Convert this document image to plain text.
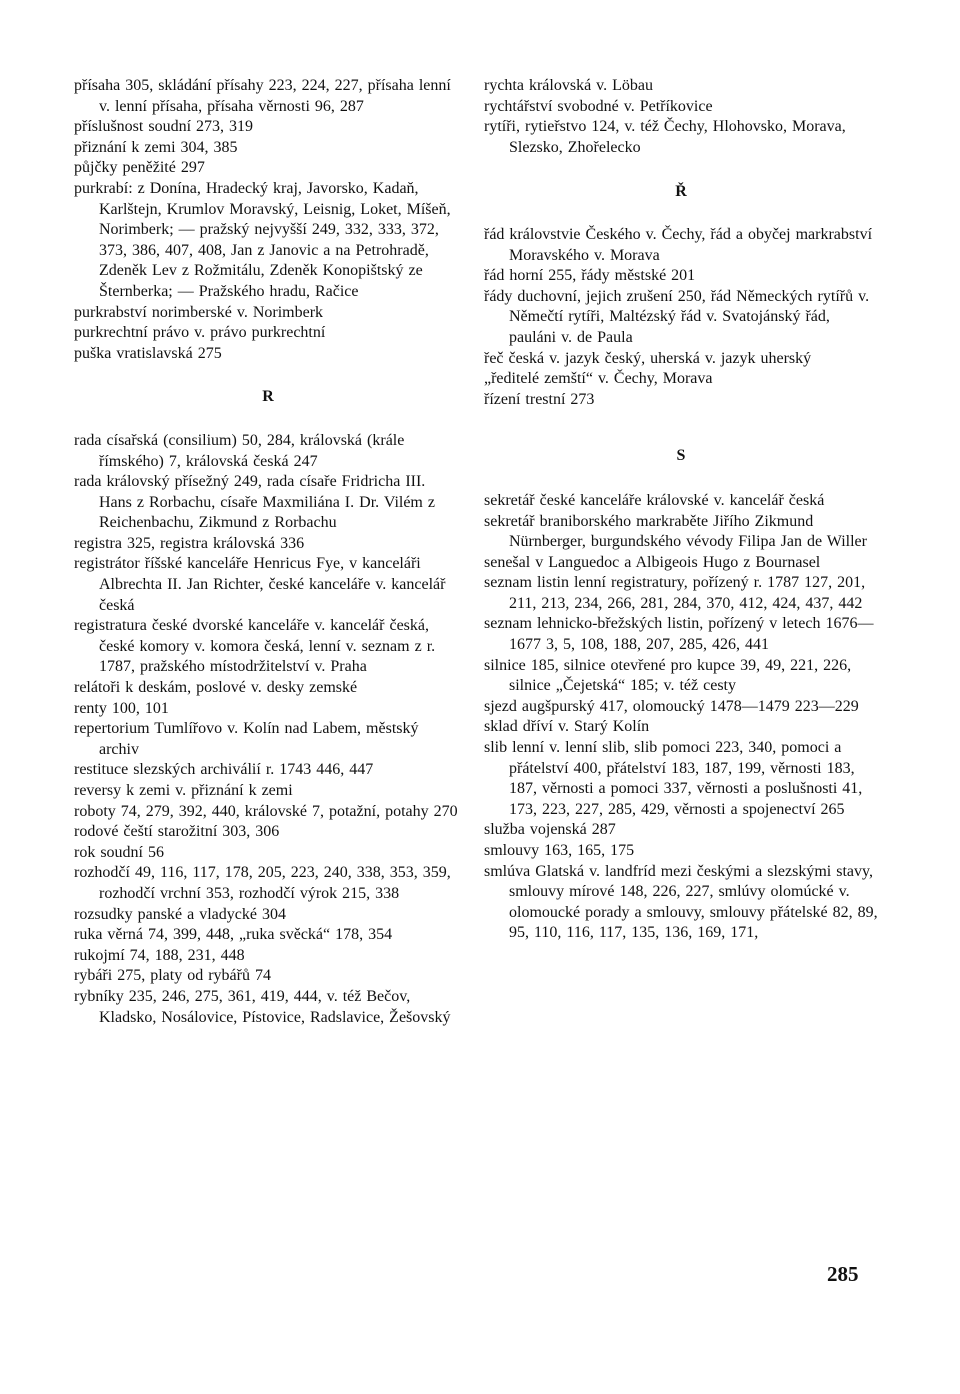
přísaha 305, skládání přísahy 223, 224, 227, přísaha lenní v. lenní přísaha, přísaha věrnosti 96, 287
příslušnost soudní 273, 319
přiznání k zemi 304, 385
půjčky peněžité 297
purkrabí: z Donína, Hradecký kraj, Javorsko, Kadaň, Karlštejn, Krumlov Moravský, Leisnig, Loket, Míšeň, Norimberk; — pražský nejvyšší 249, 332, 333, 372, 373, 386, 407, 408, Jan z Janovic a na Petrohradě, Zdeněk Lev z Rožmitálu, Zdeněk Konopištský ze Šternberka; — Pražského hradu, Račice
purkrabství norimberské v. Norimberk
purkrechtní právo v. právo purkrechtní
puška vratislavská 275
R
rada císařská (consilium) 50, 284, královská (krále římského) 7, královská česká 247
rada královský přísežný 249, rada císaře Fridricha III. Hans z Rorbachu, císaře Maxmiliána I. Dr. Vilém z Reichenbachu, Zikmund z Rorbachu
registra 325, registra královská 336
registrátor říšské kanceláře Henricus Fye, v kanceláři Albrechta II. Jan Richter, české kanceláře v. kancelář česká
registratura české dvorské kanceláře v. kancelář česká, české komory v. komora česká, lenní v. seznam z r. 1787, pražského místodržitelství v. Praha
relátoři k deskám, poslové v. desky zemské
renty 100, 101
repertorium Tumlířovo v. Kolín nad Labem, městský archiv
restituce slezských archiválií r. 1743 446, 447
reversy k zemi v. přiznání k zemi
roboty 74, 279, 392, 440, královské 7, potažní, potahy 270
rodové čeští starožitní 303, 306
rok soudní 56
rozhodčí 49, 116, 117, 178, 205, 223, 240, 338, 353, 359, rozhodčí vrchní 353, rozhodčí výrok 215, 338
rozsudky panské a vladycké 304
ruka věrná 74, 399, 448, „ruka svěcká“ 178, 354
rukojmí 74, 188, 231, 448
rybáři 275, platy od rybářů 74
rybníky 235, 246, 275, 361, 419, 444, v. též Bečov, Kladsko, Nosálovice, Pístovice, Radslavice, Žešovský
rychta královská v. Löbau
rychtářství svobodné v. Petříkovice
rytíři, rytieřstvo 124, v. též Čechy, Hlohovsko, Morava, Slezsko, Zhořelecko
Ř
řád královstvie Českého v. Čechy, řád a obyčej markrabství Moravského v. Morava
řád horní 255, řády městské 201
řády duchovní, jejich zrušení 250, řád Německých rytířů v. Němečtí rytíři, Maltézský řád v. Svatojánský řád, pauláni v. de Paula
řeč česká v. jazyk český, uherská v. jazyk uherský
„ředitelé zemští“ v. Čechy, Morava
řízení trestní 273
S
sekretář české kanceláře královské v. kancelář česká
sekretář braniborského markraběte Jiřího Zikmund Nürnberger, burgundského vévody Filipa Jan de Willer
senešal v Languedoc a Albigeois Hugo z Bournasel
seznam listin lenní registratury, pořízený r. 1787 127, 201, 211, 213, 234, 266, 281, 284, 370, 412, 424, 437, 442
seznam lehnicko-břežských listin, pořízený v letech 1676—1677 3, 5, 108, 188, 207, 285, 426, 441
silnice 185, silnice otevřené pro kupce 39, 49, 221, 226, silnice „Čejetská“ 185; v. též cesty
sjezd augšpurský 417, olomoucký 1478—1479 223—229
sklad dříví v. Starý Kolín
slib lenní v. lenní slib, slib pomoci 223, 340, pomoci a přátelství 400, přátelství 183, 187, 199, věrnosti 183, 187, věrnosti a pomoci 337, věrnosti a poslušnosti 41, 173, 223, 227, 285, 429, věrnosti a spojenectví 265
služba vojenská 287
smlouvy 163, 165, 175
smlúva Glatská v. landfríd mezi českými a slezskými stavy, smlouvy mírové 148, 226, 227, smlúvy olomúcké v. olomoucké porady a smlouvy, smlouvy přátelské 82, 89, 95, 110, 116, 117, 135, 136, 169, 171,
285
